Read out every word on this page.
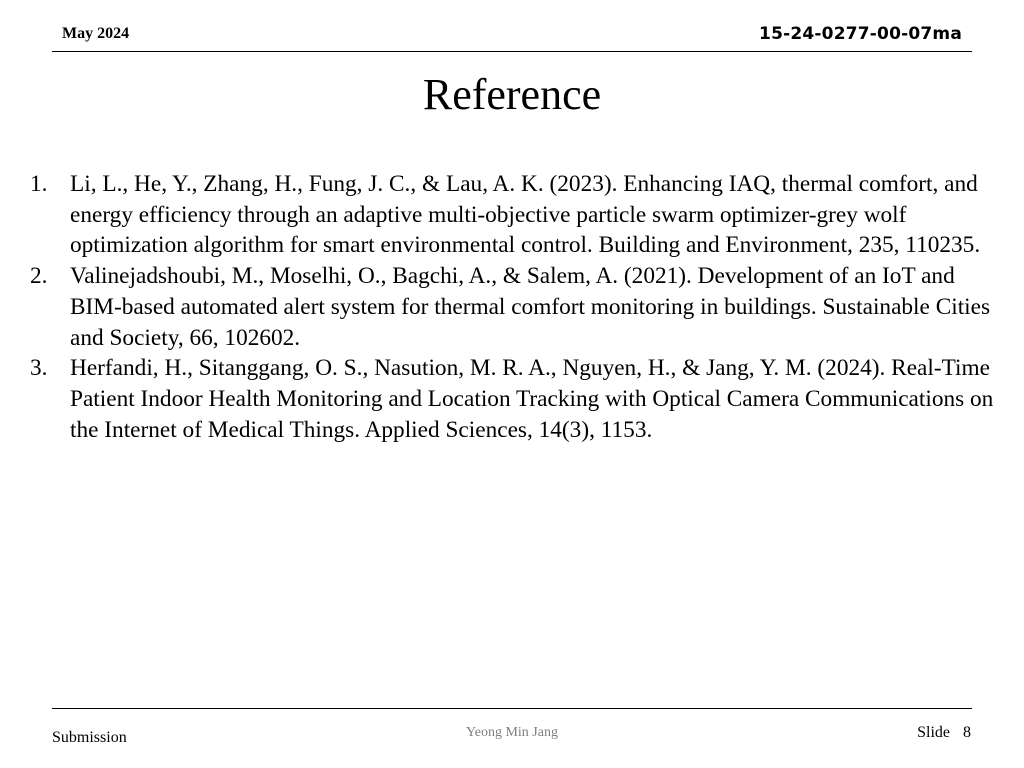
May 2024	15-24-0277-00-07ma
Reference
1. Li, L., He, Y., Zhang, H., Fung, J. C., & Lau, A. K. (2023). Enhancing IAQ, thermal comfort, and energy efficiency through an adaptive multi-objective particle swarm optimizer-grey wolf optimization algorithm for smart environmental control. Building and Environment, 235, 110235.
2. Valinejadshoubi, M., Moselhi, O., Bagchi, A., & Salem, A. (2021). Development of an IoT and BIM-based automated alert system for thermal comfort monitoring in buildings. Sustainable Cities and Society, 66, 102602.
3. Herfandi, H., Sitanggang, O. S., Nasution, M. R. A., Nguyen, H., & Jang, Y. M. (2024). Real-Time Patient Indoor Health Monitoring and Location Tracking with Optical Camera Communications on the Internet of Medical Things. Applied Sciences, 14(3), 1153.
Submission	Yeong Min Jang	Slide 8
